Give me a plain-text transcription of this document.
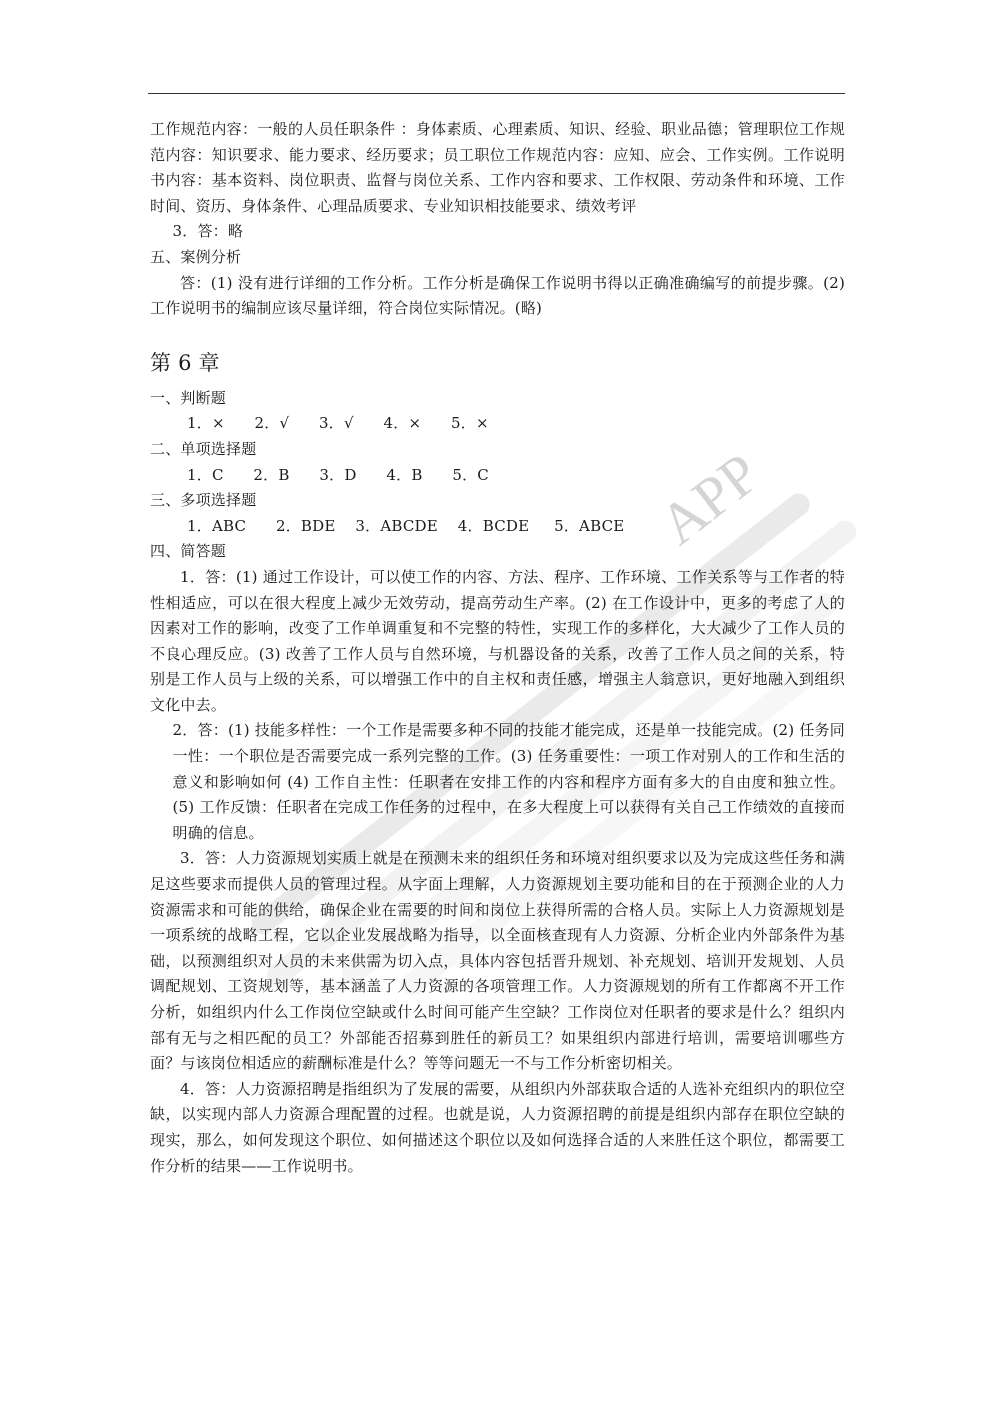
APP

工作规范内容：一般的人员任职条件 ：身体素质、心理素质、知识、经验、职业品德；管理职位工作规范内容：知识要求、能力要求、经历要求；员工职位工作规范内容：应知、应会、工作实例。工作说明书内容：基本资料、岗位职责、监督与岗位关系、工作内容和要求、工作权限、劳动条件和环境、工作时间、资历、身体条件、心理品质要求、专业知识相技能要求、绩效考评

3．答：略

五、案例分析

答：(1) 没有进行详细的工作分析。工作分析是确保工作说明书得以正确准确编写的前提步骤。(2) 工作说明书的编制应该尽量详细，符合岗位实际情况。(略)

第 6 章

一、判断题

1．×      2．√      3．√      4．×      5．×

二、单项选择题

1．C      2．B      3．D      4．B      5．C

三、多项选择题

1．ABC      2．BDE    3．ABCDE    4．BCDE     5．ABCE

四、简答题

1．答：(1) 通过工作设计，可以使工作的内容、方法、程序、工作环境、工作关系等与工作者的特性相适应，可以在很大程度上减少无效劳动，提高劳动生产率。(2) 在工作设计中，更多的考虑了人的因素对工作的影响，改变了工作单调重复和不完整的特性，实现工作的多样化，大大减少了工作人员的不良心理反应。(3) 改善了工作人员与自然环境，与机器设备的关系，改善了工作人员之间的关系，特别是工作人员与上级的关系，可以增强工作中的自主权和责任感，增强主人翁意识，更好地融入到组织文化中去。

2．答：(1) 技能多样性：一个工作是需要多种不同的技能才能完成，还是单一技能完成。(2) 任务同一性：一个职位是否需要完成一系列完整的工作。(3) 任务重要性：一项工作对别人的工作和生活的意义和影响如何 (4) 工作自主性：任职者在安排工作的内容和程序方面有多大的自由度和独立性。(5) 工作反馈：任职者在完成工作任务的过程中，在多大程度上可以获得有关自己工作绩效的直接而明确的信息。

3．答：人力资源规划实质上就是在预测未来的组织任务和环境对组织要求以及为完成这些任务和满足这些要求而提供人员的管理过程。从字面上理解，人力资源规划主要功能和目的在于预测企业的人力资源需求和可能的供给，确保企业在需要的时间和岗位上获得所需的合格人员。实际上人力资源规划是一项系统的战略工程，它以企业发展战略为指导，以全面核查现有人力资源、分析企业内外部条件为基础，以预测组织对人员的未来供需为切入点，具体内容包括晋升规划、补充规划、培训开发规划、人员调配规划、工资规划等，基本涵盖了人力资源的各项管理工作。人力资源规划的所有工作都离不开工作分析，如组织内什么工作岗位空缺或什么时间可能产生空缺？工作岗位对任职者的要求是什么？组织内部有无与之相匹配的员工？外部能否招募到胜任的新员工？如果组织内部进行培训，需要培训哪些方面？与该岗位相适应的薪酬标准是什么？等等问题无一不与工作分析密切相关。

4．答：人力资源招聘是指组织为了发展的需要，从组织内外部获取合适的人选补充组织内的职位空缺，以实现内部人力资源合理配置的过程。也就是说，人力资源招聘的前提是组织内部存在职位空缺的现实，那么，如何发现这个职位、如何描述这个职位以及如何选择合适的人来胜任这个职位，都需要工作分析的结果——工作说明书。
